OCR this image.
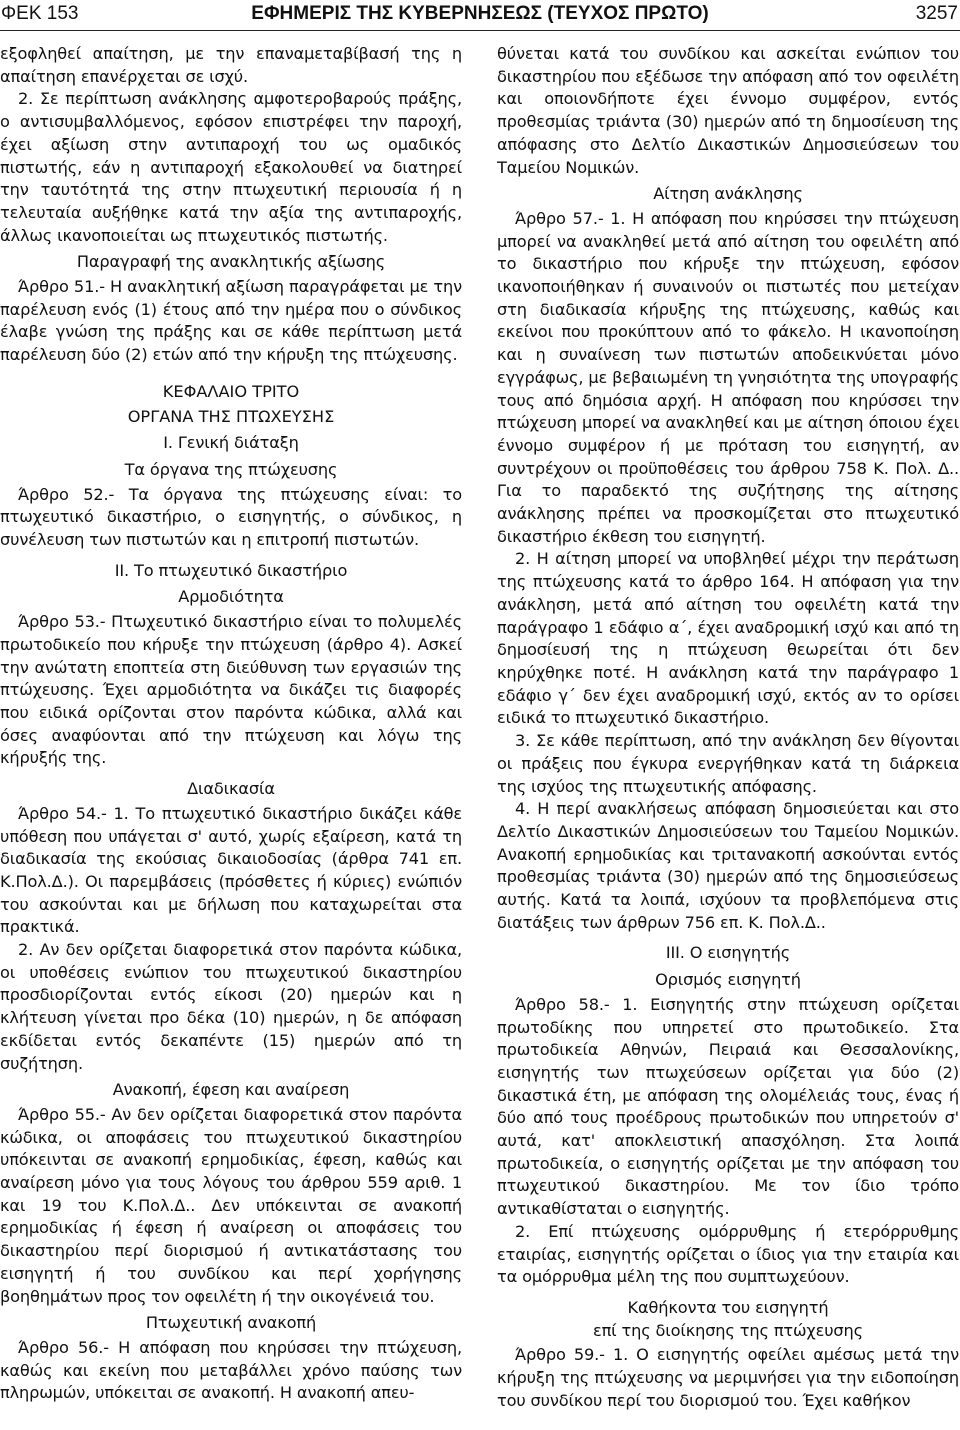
ΕΦΗΜΕΡΙΣ ΤΗΣ ΚΥΒΕΡΝΗΣΕΩΣ (ΤΕΥΧΟΣ ΠΡΩΤΟ)
ΦΕΚ 153	3257

εξοφληθεί απαίτηση, με την επαναμεταβίβασή της η απαίτηση επανέρχεται σε ισχύ.

2. Σε περίπτωση ανάκλησης αμφοτεροβαρούς πράξης, ο αντισυμβαλλόμενος, εφόσον επιστρέφει την παροχή, έχει αξίωση στην αντιπαροχή του ως ομαδικός πιστωτής, εάν η αντιπαροχή εξακολουθεί να διατηρεί την ταυτότητά της στην πτωχευτική περιουσία ή η τελευταία αυξήθηκε κατά την αξία της αντιπαροχής, άλλως ικανοποιείται ως πτωχευτικός πιστωτής.

Παραγραφή της ανακλητικής αξίωσης

Άρθρο 51.- Η ανακλητική αξίωση παραγράφεται με την παρέλευση ενός (1) έτους από την ημέρα που ο σύνδικος έλαβε γνώση της πράξης και σε κάθε περίπτωση μετά παρέλευση δύο (2) ετών από την κήρυξη της πτώχευσης.

ΚΕΦΑΛΑΙΟ ΤΡΙΤΟ
ΟΡΓΑΝΑ ΤΗΣ ΠΤΩΧΕΥΣΗΣ
Ι. Γενική διάταξη
Τα όργανα της πτώχευσης

Άρθρο 52.- Τα όργανα της πτώχευσης είναι: το πτωχευτικό δικαστήριο, ο εισηγητής, ο σύνδικος, η συνέλευση των πιστωτών και η επιτροπή πιστωτών.

ΙΙ. Το πτωχευτικό δικαστήριο
Αρμοδιότητα

Άρθρο 53.- Πτωχευτικό δικαστήριο είναι το πολυμελές πρωτοδικείο που κήρυξε την πτώχευση (άρθρο 4). Ασκεί την ανώτατη εποπτεία στη διεύθυνση των εργασιών της πτώχευσης. Έχει αρμοδιότητα να δικάζει τις διαφορές που ειδικά ορίζονται στον παρόντα κώδικα, αλλά και όσες αναφύονται από την πτώχευση και λόγω της κήρυξής της.

Διαδικασία

Άρθρο 54.- 1. Το πτωχευτικό δικαστήριο δικάζει κάθε υπόθεση που υπάγεται σ' αυτό, χωρίς εξαίρεση, κατά τη διαδικασία της εκούσιας δικαιοδοσίας (άρθρα 741 επ. Κ.Πολ.Δ.). Οι παρεμβάσεις (πρόσθετες ή κύριες) ενώπιόν του ασκούνται και με δήλωση που καταχωρείται στα πρακτικά.

2. Αν δεν ορίζεται διαφορετικά στον παρόντα κώδικα, οι υποθέσεις ενώπιον του πτωχευτικού δικαστηρίου προσδιορίζονται εντός είκοσι (20) ημερών και η κλήτευση γίνεται προ δέκα (10) ημερών, η δε απόφαση εκδίδεται εντός δεκαπέντε (15) ημερών από τη συζήτηση.

Ανακοπή, έφεση και αναίρεση

Άρθρο 55.- Αν δεν ορίζεται διαφορετικά στον παρόντα κώδικα, οι αποφάσεις του πτωχευτικού δικαστηρίου υπόκεινται σε ανακοπή ερημοδικίας, έφεση, καθώς και αναίρεση μόνο για τους λόγους του άρθρου 559 αριθ. 1 και 19 του Κ.Πολ.Δ.. Δεν υπόκεινται σε ανακοπή ερημοδικίας ή έφεση ή αναίρεση οι αποφάσεις του δικαστηρίου περί διορισμού ή αντικατάστασης του εισηγητή ή του συνδίκου και περί χορήγησης βοηθημάτων προς τον οφειλέτη ή την οικογένειά του.

Πτωχευτική ανακοπή

Άρθρο 56.- Η απόφαση που κηρύσσει την πτώχευση, καθώς και εκείνη που μεταβάλλει χρόνο παύσης των πληρωμών, υπόκειται σε ανακοπή. Η ανακοπή απευ-

θύνεται κατά του συνδίκου και ασκείται ενώπιον του δικαστηρίου που εξέδωσε την απόφαση από τον οφειλέτη και οποιονδήποτε έχει έννομο συμφέρον, εντός προθεσμίας τριάντα (30) ημερών από τη δημοσίευση της απόφασης στο Δελτίο Δικαστικών Δημοσιεύσεων του Ταμείου Νομικών.

Αίτηση ανάκλησης

Άρθρο 57.- 1. Η απόφαση που κηρύσσει την πτώχευση μπορεί να ανακληθεί μετά από αίτηση του οφειλέτη από το δικαστήριο που κήρυξε την πτώχευση, εφόσον ικανοποιήθηκαν ή συναινούν οι πιστωτές που μετείχαν στη διαδικασία κήρυξης της πτώχευσης, καθώς και εκείνοι που προκύπτουν από το φάκελο. Η ικανοποίηση και η συναίνεση των πιστωτών αποδεικνύεται μόνο εγγράφως, με βεβαιωμένη τη γνησιότητα της υπογραφής τους από δημόσια αρχή. Η απόφαση που κηρύσσει την πτώχευση μπορεί να ανακληθεί και με αίτηση όποιου έχει έννομο συμφέρον ή με πρόταση του εισηγητή, αν συντρέχουν οι προϋποθέσεις του άρθρου 758 Κ. Πολ. Δ.. Για το παραδεκτό της συζήτησης της αίτησης ανάκλησης πρέπει να προσκομίζεται στο πτωχευτικό δικαστήριο έκθεση του εισηγητή.

2. Η αίτηση μπορεί να υποβληθεί μέχρι την περάτωση της πτώχευσης κατά το άρθρο 164. Η απόφαση για την ανάκληση, μετά από αίτηση του οφειλέτη κατά την παράγραφο 1 εδάφιο α΄, έχει αναδρομική ισχύ και από τη δημοσίευσή της η πτώχευση θεωρείται ότι δεν κηρύχθηκε ποτέ. Η ανάκληση κατά την παράγραφο 1 εδάφιο γ΄ δεν έχει αναδρομική ισχύ, εκτός αν το ορίσει ειδικά το πτωχευτικό δικαστήριο.

3. Σε κάθε περίπτωση, από την ανάκληση δεν θίγονται οι πράξεις που έγκυρα ενεργήθηκαν κατά τη διάρκεια της ισχύος της πτωχευτικής απόφασης.

4. Η περί ανακλήσεως απόφαση δημοσιεύεται και στο Δελτίο Δικαστικών Δημοσιεύσεων του Ταμείου Νομικών. Ανακοπή ερημοδικίας και τριτανακοπή ασκούνται εντός προθεσμίας τριάντα (30) ημερών από της δημοσιεύσεως αυτής. Κατά τα λοιπά, ισχύουν τα προβλεπόμενα στις διατάξεις των άρθρων 756 επ. Κ. Πολ.Δ..

ΙΙΙ. Ο εισηγητής
Ορισμός εισηγητή

Άρθρο 58.- 1. Εισηγητής στην πτώχευση ορίζεται πρωτοδίκης που υπηρετεί στο πρωτοδικείο. Στα πρωτοδικεία Αθηνών, Πειραιά και Θεσσαλονίκης, εισηγητής των πτωχεύσεων ορίζεται για δύο (2) δικαστικά έτη, με απόφαση της ολομέλειάς τους, ένας ή δύο από τους προέδρους πρωτοδικών που υπηρετούν σ' αυτά, κατ' αποκλειστική απασχόληση. Στα λοιπά πρωτοδικεία, ο εισηγητής ορίζεται με την απόφαση του πτωχευτικού δικαστηρίου. Με τον ίδιο τρόπο αντικαθίσταται ο εισηγητής.

2. Επί πτώχευσης ομόρρυθμης ή ετερόρρυθμης εταιρίας, εισηγητής ορίζεται ο ίδιος για την εταιρία και τα ομόρρυθμα μέλη της που συμπτωχεύουν.

Καθήκοντα του εισηγητή
επί της διοίκησης της πτώχευσης

Άρθρο 59.- 1. Ο εισηγητής οφείλει αμέσως μετά την κήρυξη της πτώχευσης να μεριμνήσει για την ειδοποίηση του συνδίκου περί του διορισμού του. Έχει καθήκον
